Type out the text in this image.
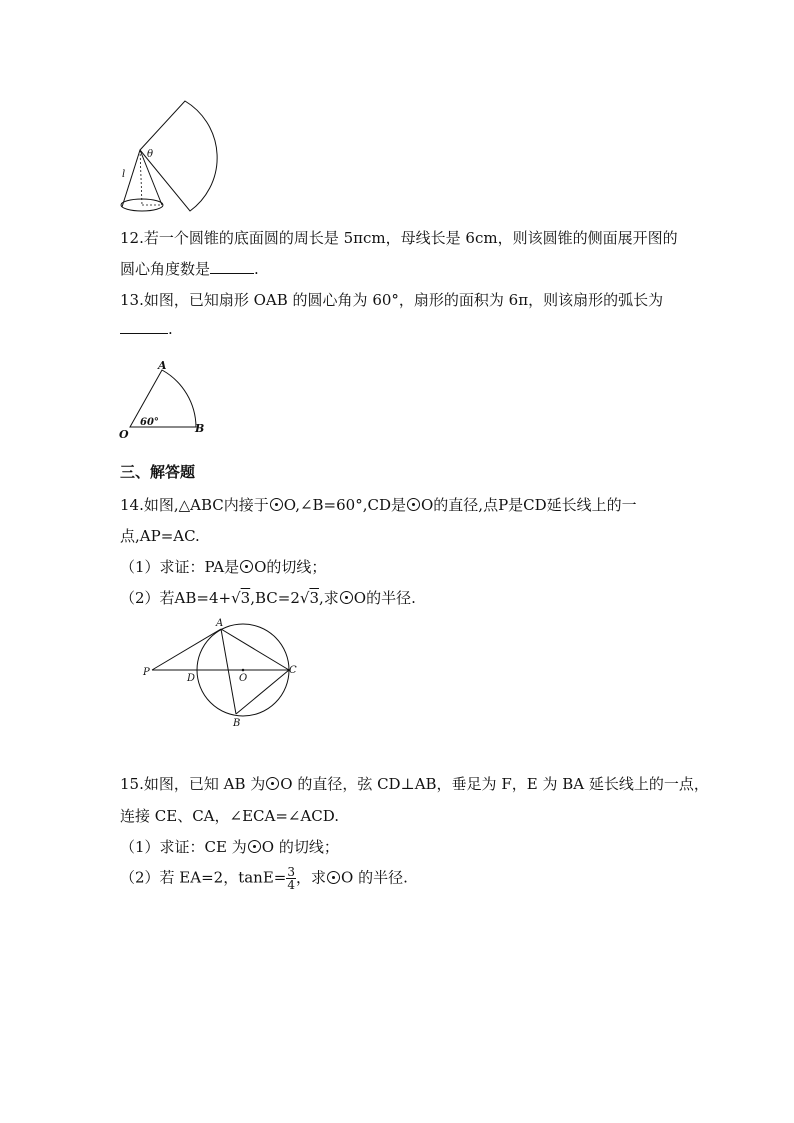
l
θ
12.若一个圆锥的底面圆的周长是 5πcm，母线长是 6cm，则该圆锥的侧面展开图的
圆心角度数是	.
13.如图，已知扇形 OAB 的圆心角为 60°，扇形的面积为 6π，则该扇形的弧长为
.
A
O	B
60°
三、解答题
14.如图,△ABC内接于 O,∠B=60°,CD是 O的直径,点P是CD延长线上的一
点,AP=AC.
（1）求证：PA是 O的切线；
（2）若AB=4+√3,BC=2√3,求 O的半径.
A
P
D	O
C
B
15.如图，已知 AB 为 O 的直径，弦 CD⊥AB，垂足为 F，E 为 BA 延长线上的一点，
连接 CE、CA，∠ECA=∠ACD.
（1）求证：CE 为 O 的切线；
（2）若 EA=2，$\tan E= \frac{3}{4}$ ，求 O 的半径.
